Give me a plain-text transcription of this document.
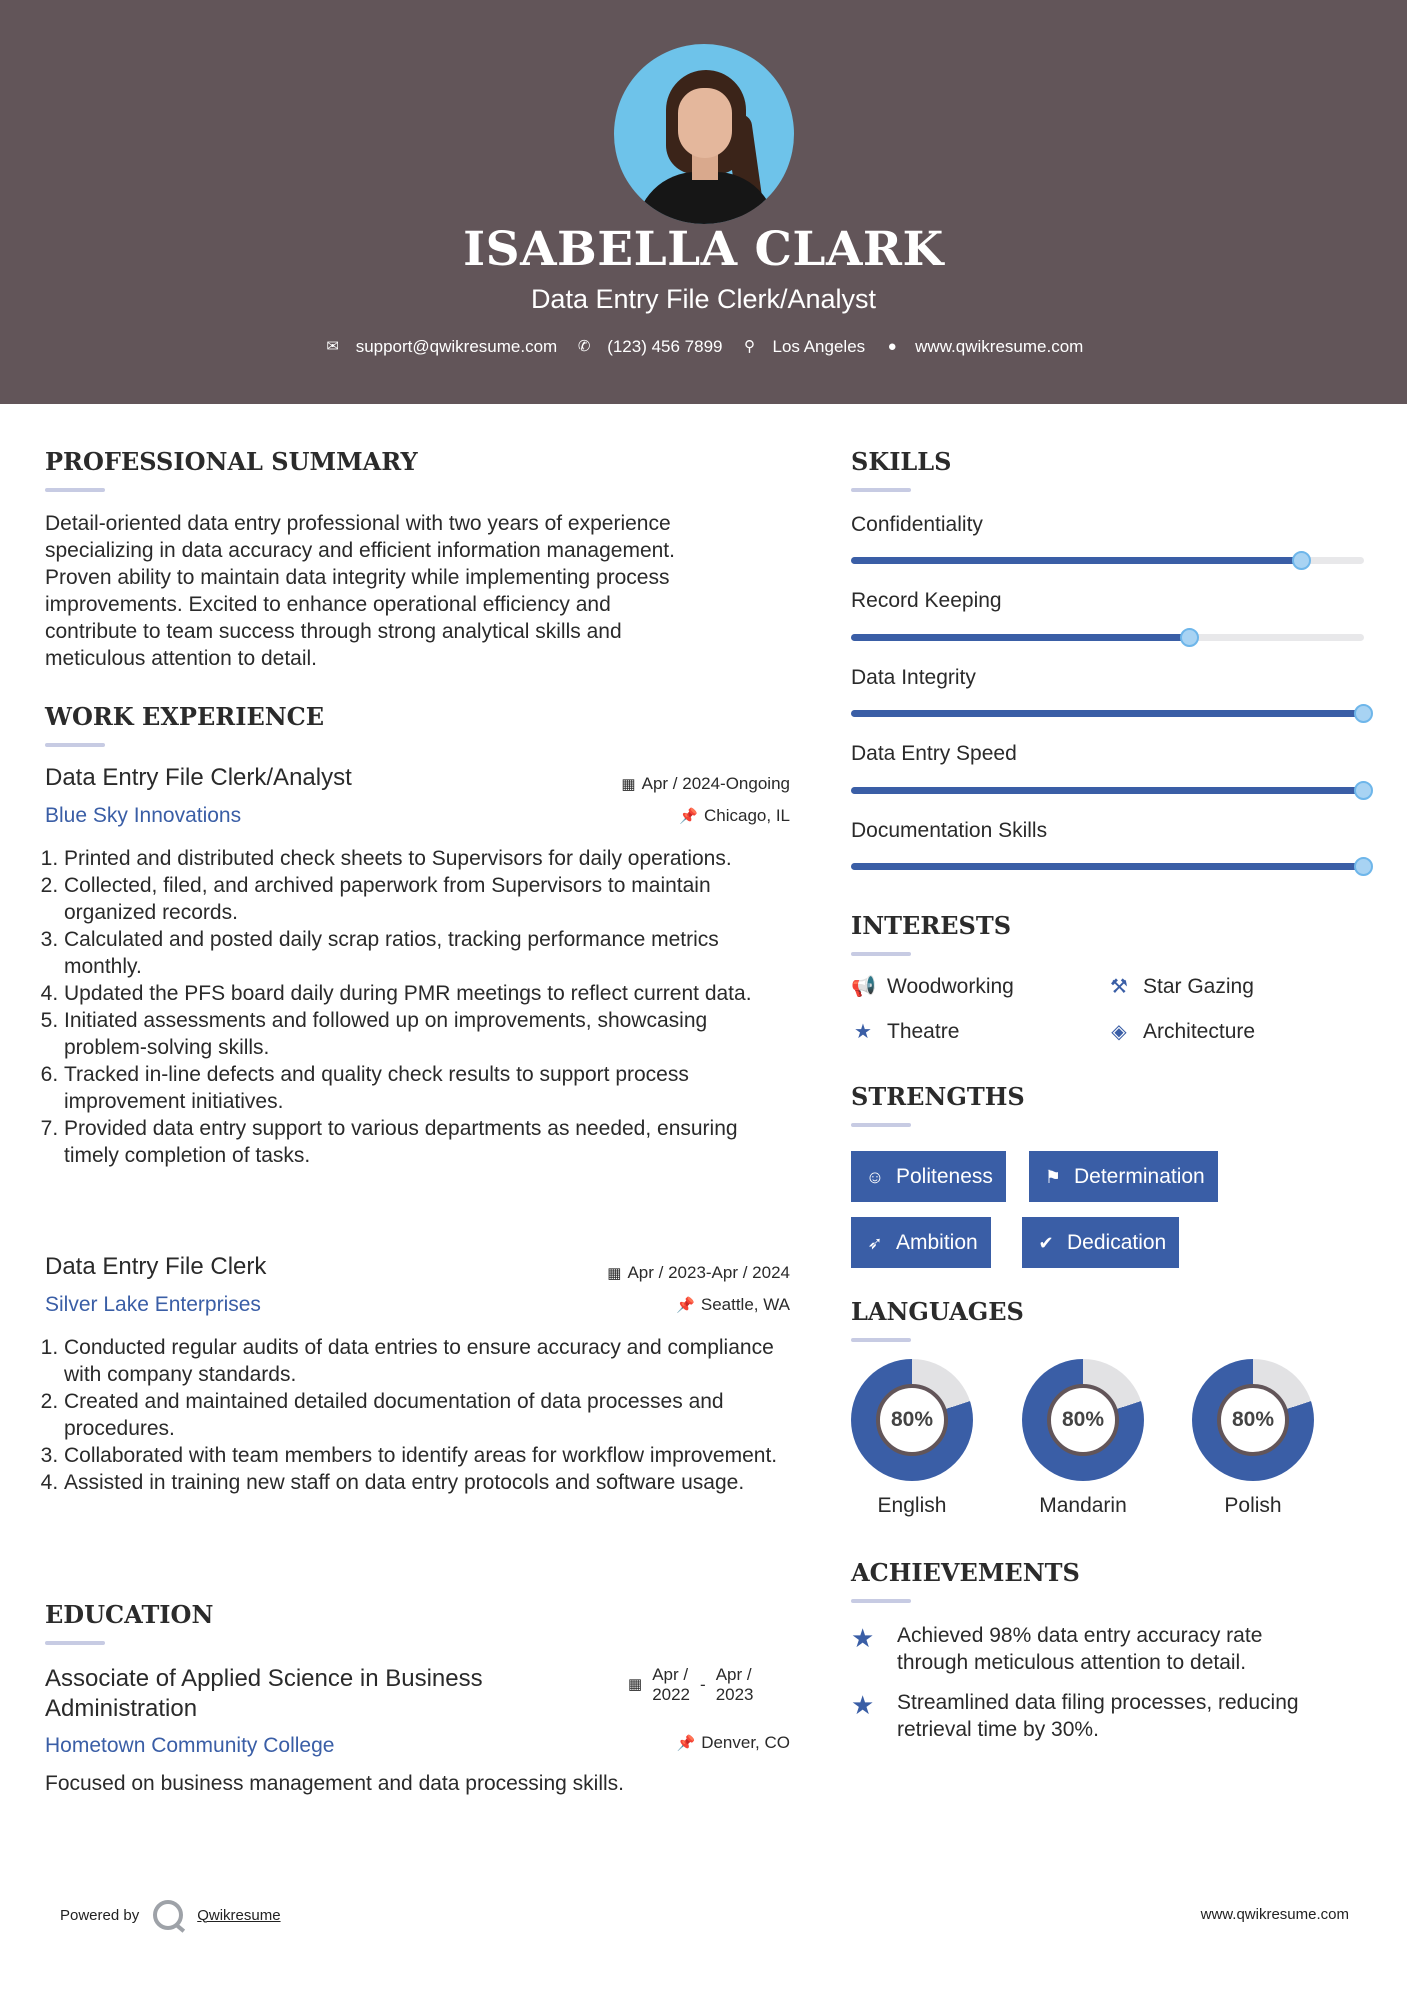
ISABELLA CLARK
Data Entry File Clerk/Analyst
✉ support@qwikresume.com ✆ (123) 456 7899 ⚲ Los Angeles ● www.qwikresume.com
PROFESSIONAL SUMMARY
Detail-oriented data entry professional with two years of experience
specializing in data accuracy and efficient information management.
Proven ability to maintain data integrity while implementing process
improvements. Excited to enhance operational efficiency and
contribute to team success through strong analytical skills and
meticulous attention to detail.
WORK EXPERIENCE
Data Entry File Clerk/Analyst	▦ Apr / 2024-Ongoing
Blue Sky Innovations	📌 Chicago, IL
1. Printed and distributed check sheets to Supervisors for daily operations.
2. Collected, filed, and archived paperwork from Supervisors to maintain organized records.
3. Calculated and posted daily scrap ratios, tracking performance metrics monthly.
4. Updated the PFS board daily during PMR meetings to reflect current data.
5. Initiated assessments and followed up on improvements, showcasing problem-solving skills.
6. Tracked in-line defects and quality check results to support process improvement initiatives.
7. Provided data entry support to various departments as needed, ensuring timely completion of tasks.
Data Entry File Clerk	▦ Apr / 2023-Apr / 2024
Silver Lake Enterprises	📌 Seattle, WA
1. Conducted regular audits of data entries to ensure accuracy and compliance with company standards.
2. Created and maintained detailed documentation of data processes and procedures.
3. Collaborated with team members to identify areas for workflow improvement.
4. Assisted in training new staff on data entry protocols and software usage.
EDUCATION
Associate of Applied Science in Business
Administration
▦
Apr /
2022
-
Apr /
2023
Hometown Community College	📌 Denver, CO
Focused on business management and data processing skills.
SKILLS
Confidentiality
Record Keeping
Data Integrity
Data Entry Speed
Documentation Skills
INTERESTS
📢 Woodworking	⚒ Star Gazing
★ Theatre	◈ Architecture
STRENGTHS
☺ Politeness	⚑ Determination
➶ Ambition	✔ Dedication
LANGUAGES
80%
English
80%
Mandarin
80%
Polish
ACHIEVEMENTS
★	Achieved 98% data entry accuracy rate
through meticulous attention to detail.
★	Streamlined data filing processes, reducing
retrieval time by 30%.
Powered by	Qwikresume	www.qwikresume.com
